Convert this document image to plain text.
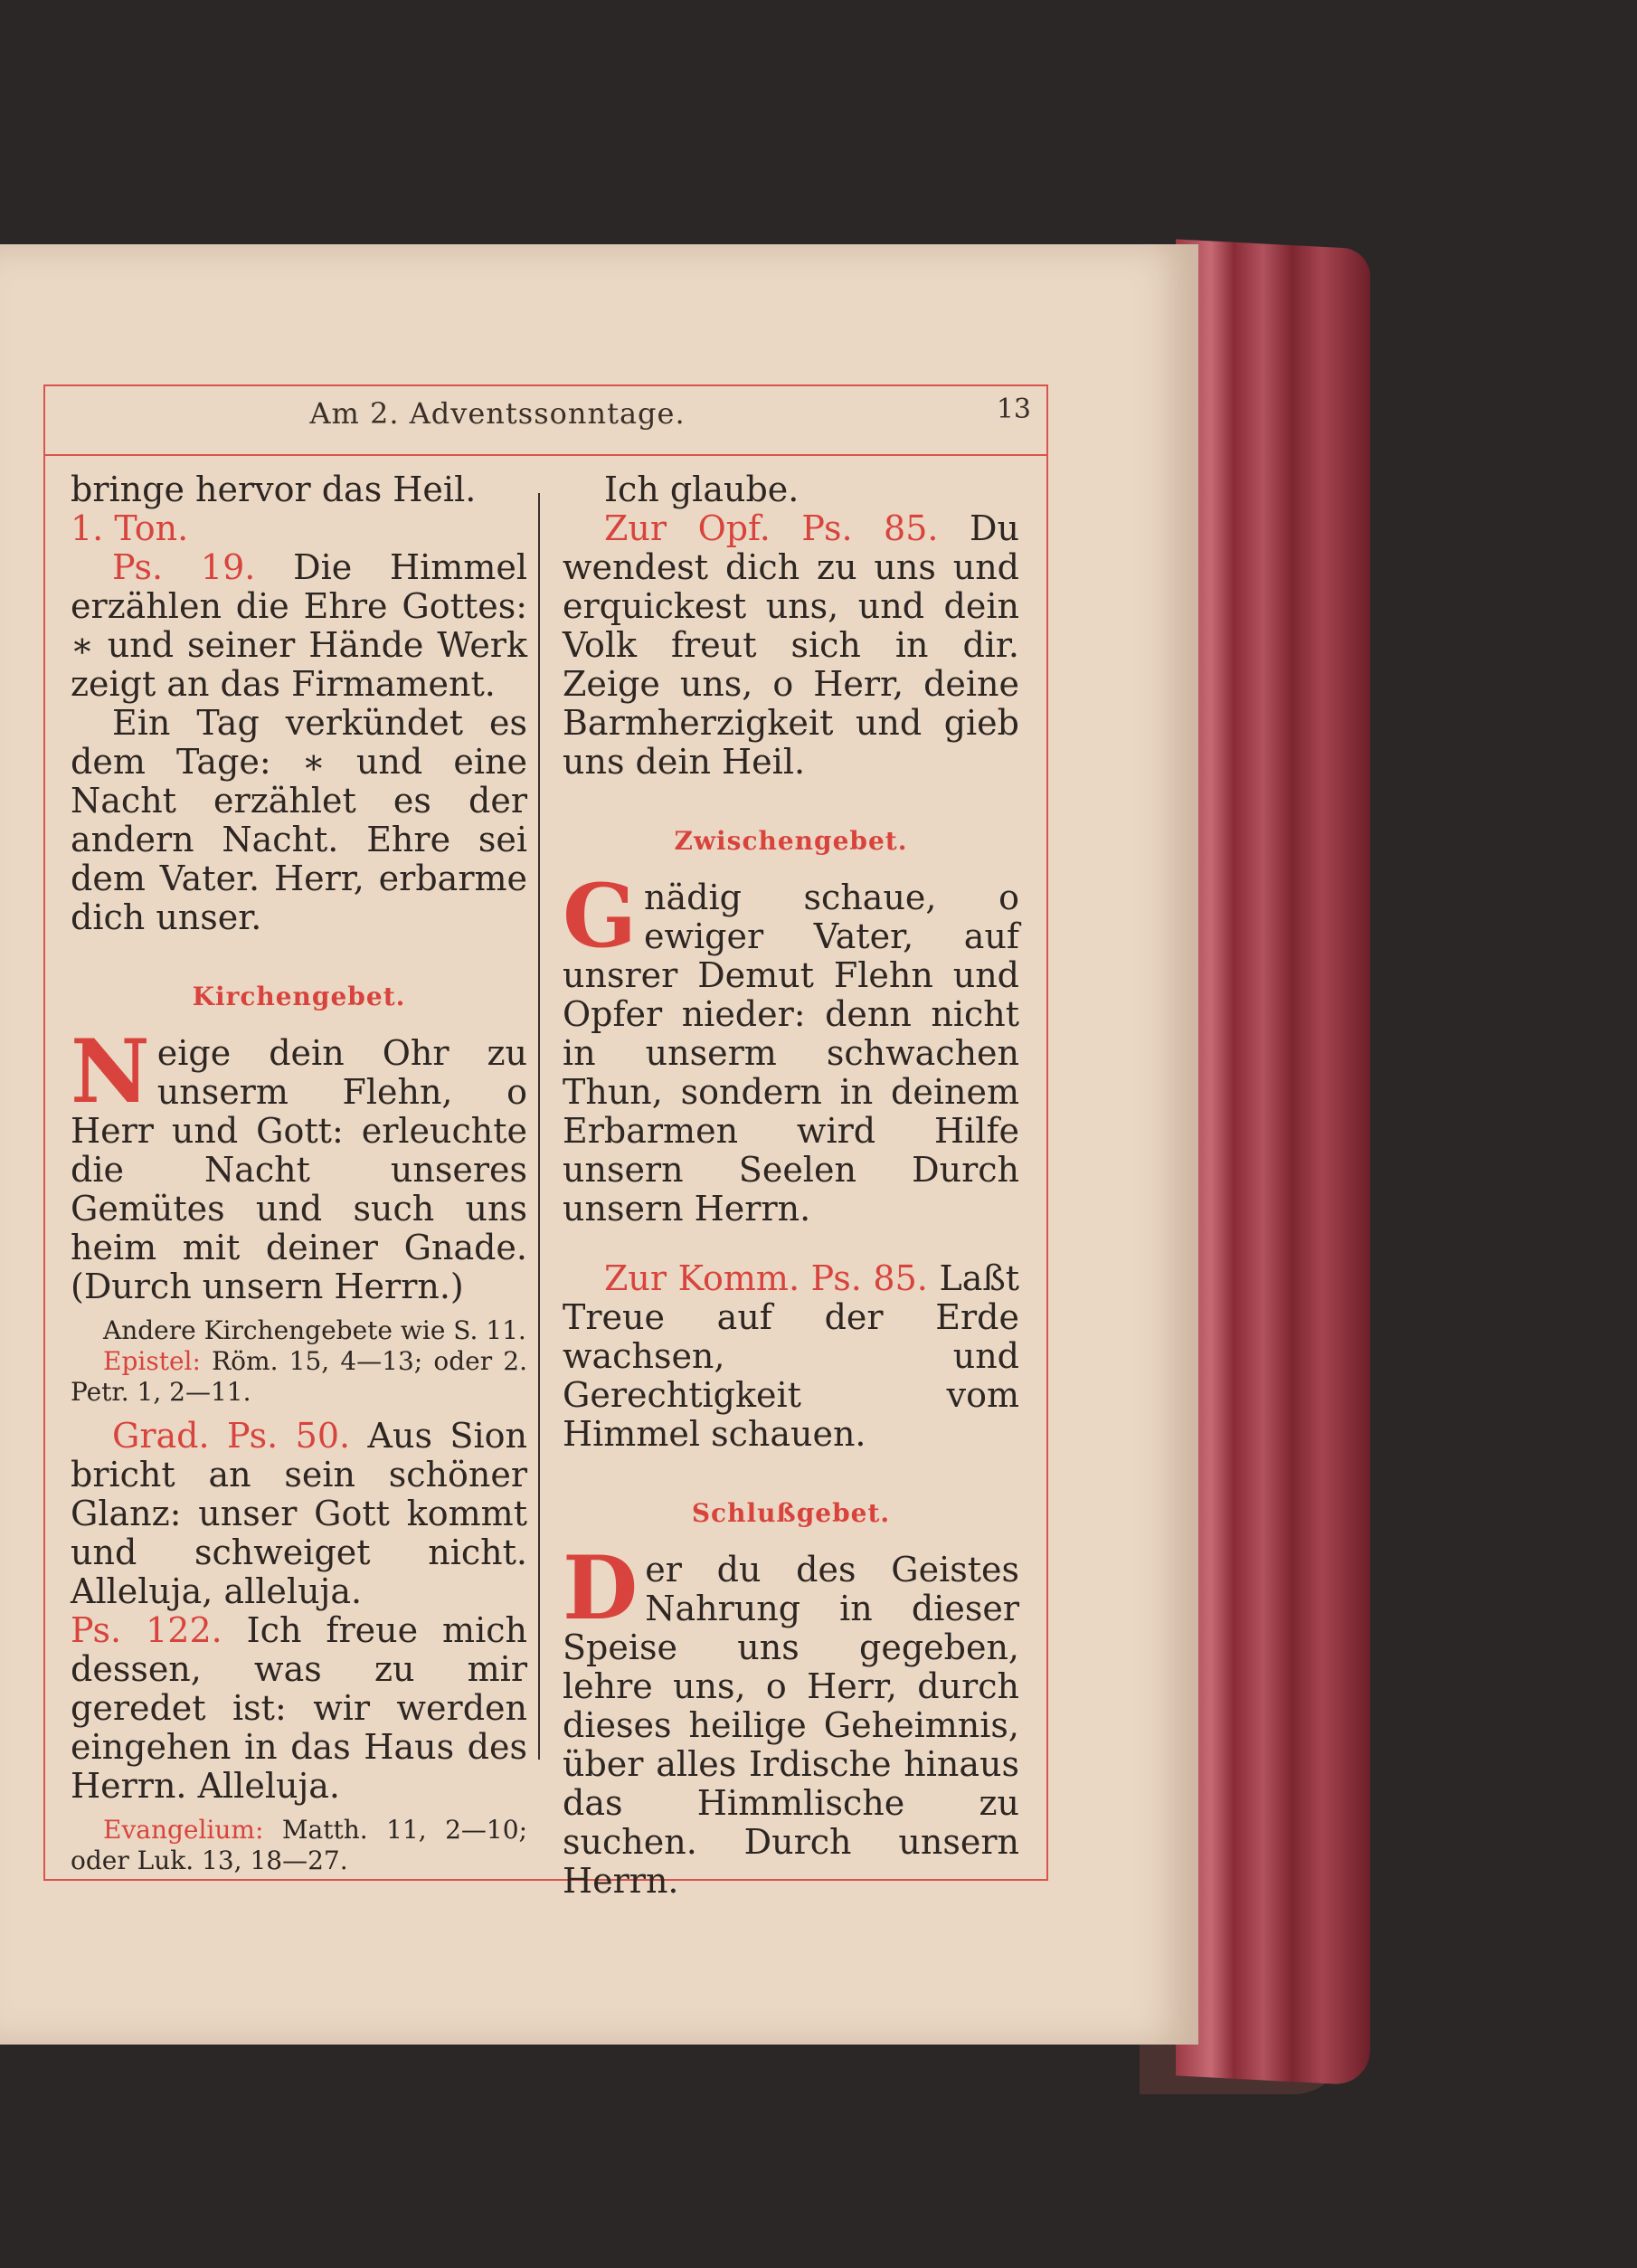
Am 2. Adventssonntage.	13

bringe hervor das Heil.

1. Ton.

Ps. 19. Die Himmel erzählen die Ehre Gottes: ∗ und seiner Hände Werk zeigt an das Firmament.

Ein Tag verkündet es dem Tage: ∗ und eine Nacht erzählet es der andern Nacht. Ehre sei dem Vater. Herr, erbarme dich unser.

Kirchengebet.

Neige dein Ohr zu unserm Flehn, o Herr und Gott: erleuchte die Nacht unseres Gemütes und such uns heim mit deiner Gnade. (Durch unsern Herrn.)

Andere Kirchengebete wie S. 11.

Epistel: Röm. 15, 4—13; oder 2. Petr. 1, 2—11.

Grad. Ps. 50. Aus Sion bricht an sein schöner Glanz: unser Gott kommt und schweiget nicht. Alleluja, alleluja.

Ps. 122. Ich freue mich dessen, was zu mir geredet ist: wir werden eingehen in das Haus des Herrn. Alleluja.

Evangelium: Matth. 11, 2—10; oder Luk. 13, 18—27.

Ich glaube.

Zur Opf. Ps. 85. Du wendest dich zu uns und erquickest uns, und dein Volk freut sich in dir. Zeige uns, o Herr, deine Barmherzigkeit und gieb uns dein Heil.

Zwischengebet.

Gnädig schaue, o ewiger Vater, auf unsrer Demut Flehn und Opfer nieder: denn nicht in unserm schwachen Thun, sondern in deinem Erbarmen wird Hilfe unsern Seelen Durch unsern Herrn.

Zur Komm. Ps. 85. Laßt Treue auf der Erde wachsen, und Gerechtigkeit vom Himmel schauen.

Schlußgebet.

Der du des Geistes Nahrung in dieser Speise uns gegeben, lehre uns, o Herr, durch dieses heilige Geheimnis, über alles Irdische hinaus das Himmlische zu suchen. Durch unsern Herrn.
